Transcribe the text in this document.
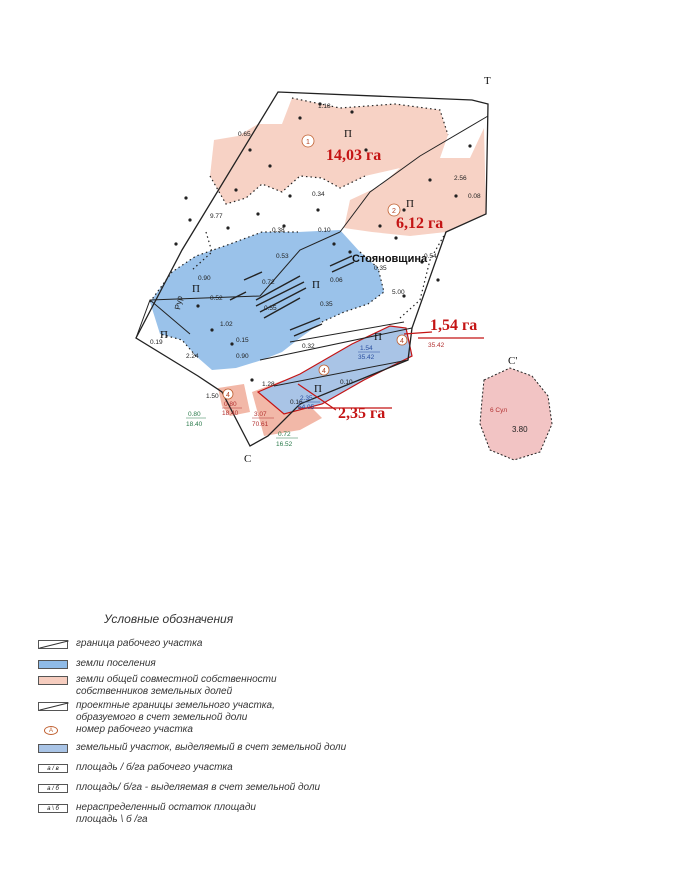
1
2
4
4
4
14,03 га
6,12 га
1,54 га
2,35 га
Стояновщина
П
П
П
П
П
П
П
Т
С
С'
Рур
1.18
0.65
2.56
0.08
0.54
0.34
9.77
0.38	0.10
5.00
0.35
0.53
0.52
0.90
1.02
0.55
0.06
0.15
0.72
0.35
2.24	0.90
1.28
0.19
0.16
1.50
0.10
0.32	1.54
35.42
35.42
2.35
54.05
0.80
18.40 3.07
70.61
0.80
18.40
0.72
16.52
6 Сул
3.80
Условные обозначения
граница рабочего участка
земли поселения
земли общей совместной собственности
собственников земельных долей
проектные границы земельного участка,
образуемого в счет земельной доли
А	номер рабочего участка
земельный участок, выделяемый в счет земельной доли
а / в	площадь / б/га рабочего участка
а / б	площадь/ б/га - выделяемая в счет земельной доли
а \ б	нераспределенный остаток площади
площадь \ б /га
